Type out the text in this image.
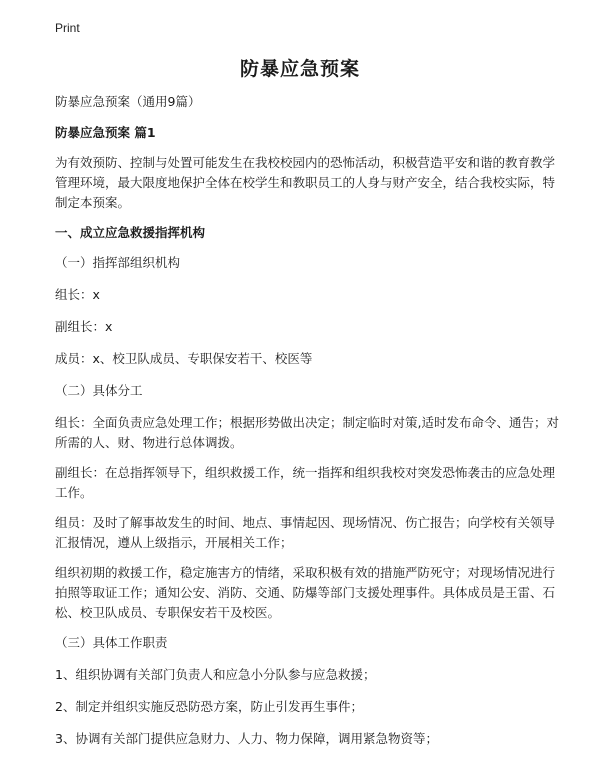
Print
防暴应急预案

防暴应急预案（通用9篇）

防暴应急预案 篇1

为有效预防、控制与处置可能发生在我校校园内的恐怖活动，积极营造平安和谐的教育教学管理环境，最大限度地保护全体在校学生和教职员工的人身与财产安全，结合我校实际，特制定本预案。

一、成立应急救援指挥机构

（一）指挥部组织机构

组长：x

副组长：x

成员：x、校卫队成员、专职保安若干、校医等

（二）具体分工

组长：全面负责应急处理工作；根据形势做出决定；制定临时对策,适时发布命令、通告；对所需的人、财、物进行总体调拨。

副组长：在总指挥领导下，组织救援工作，统一指挥和组织我校对突发恐怖袭击的应急处理工作。

组员：及时了解事故发生的时间、地点、事情起因、现场情况、伤亡报告；向学校有关领导汇报情况，遵从上级指示，开展相关工作；

组织初期的救援工作，稳定施害方的情绪，采取积极有效的措施严防死守；对现场情况进行拍照等取证工作；通知公安、消防、交通、防爆等部门支援处理事件。具体成员是王雷、石松、校卫队成员、专职保安若干及校医。

（三）具体工作职责

1、组织协调有关部门负责人和应急小分队参与应急救援；

2、制定并组织实施反恐防恐方案，防止引发再生事件；

3、协调有关部门提供应急财力、人力、物力保障，调用紧急物资等；
